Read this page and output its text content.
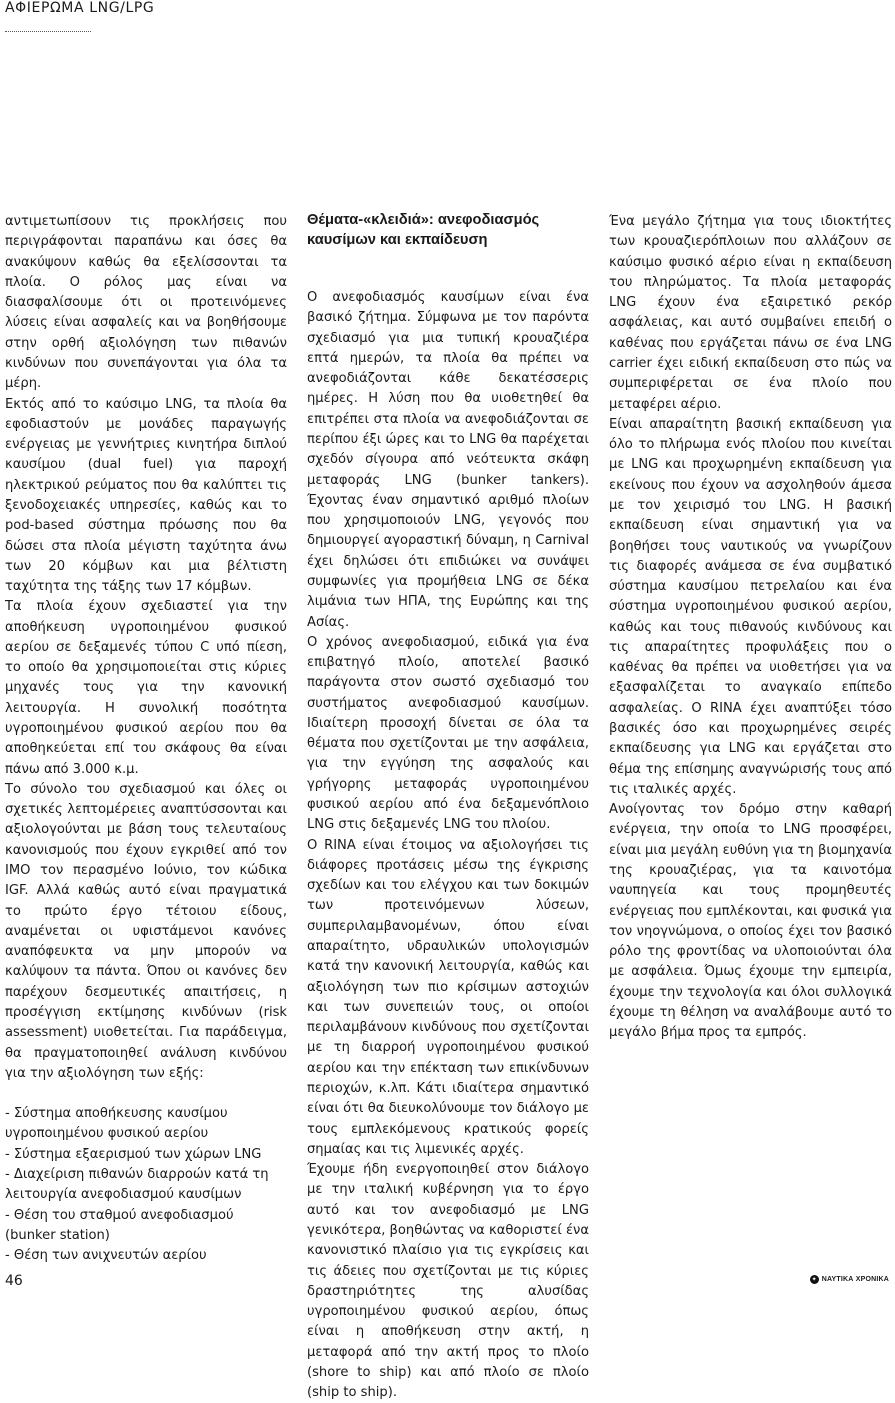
ΑΦΙΕΡΩΜΑ LNG/LPG

αντιμετωπίσουν τις προκλήσεις που περιγράφονται παραπάνω και όσες θα ανακύψουν καθώς θα εξελίσσονται τα πλοία. Ο ρόλος μας είναι να διασφαλίσουμε ότι οι προτεινόμενες λύσεις είναι ασφαλείς και να βοηθήσουμε στην ορθή αξιολόγηση των πιθανών κινδύνων που συνεπάγονται για όλα τα μέρη.

Εκτός από το καύσιμο LNG, τα πλοία θα εφοδιαστούν με μονάδες παραγωγής ενέργειας με γεννήτριες κινητήρα διπλού καυσίμου (dual fuel) για παροχή ηλεκτρικού ρεύματος που θα καλύπτει τις ξενοδοχειακές υπηρεσίες, καθώς και το pod-based σύστημα πρόωσης που θα δώσει στα πλοία μέγιστη ταχύτητα άνω των 20 κόμβων και μια βέλτιστη ταχύτητα της τάξης των 17 κόμβων.

Τα πλοία έχουν σχεδιαστεί για την αποθήκευση υγροποιημένου φυσικού αερίου σε δεξαμενές τύπου C υπό πίεση, το οποίο θα χρησιμοποιείται στις κύριες μηχανές τους για την κανονική λειτουργία. Η συνολική ποσότητα υγροποιημένου φυσικού αερίου που θα αποθηκεύεται επί του σκάφους θα είναι πάνω από 3.000 κ.μ.

Το σύνολο του σχεδιασμού και όλες οι σχετικές λεπτομέρειες αναπτύσσονται και αξιολογούνται με βάση τους τελευταίους κανονισμούς που έχουν εγκριθεί από τον IMO τον περασμένο Ιούνιο, τον κώδικα IGF. Αλλά καθώς αυτό είναι πραγματικά το πρώτο έργο τέτοιου είδους, αναμένεται οι υφιστάμενοι κανόνες αναπόφευκτα να μην μπορούν να καλύψουν τα πάντα. Όπου οι κανόνες δεν παρέχουν δεσμευτικές απαιτήσεις, η προσέγγιση εκτίμησης κινδύνων (risk assessment) υιοθετείται. Για παράδειγμα, θα πραγματοποιηθεί ανάλυση κινδύνου για την αξιολόγηση των εξής:

- Σύστημα αποθήκευσης καυσίμου υγροποιημένου φυσικού αερίου
- Σύστημα εξαερισμού των χώρων LNG
- Διαχείριση πιθανών διαρροών κατά τη λειτουργία ανεφοδιασμού καυσίμων
- Θέση του σταθμού ανεφοδιασμού (bunker station)
- Θέση των ανιχνευτών αερίου
Θέματα-«κλειδιά»: ανεφοδιασμός καυσίμων και εκπαίδευση

Ο ανεφοδιασμός καυσίμων είναι ένα βασικό ζήτημα. Σύμφωνα με τον παρόντα σχεδιασμό για μια τυπική κρουαζιέρα επτά ημερών, τα πλοία θα πρέπει να ανεφοδιάζονται κάθε δεκατέσσερις ημέρες. Η λύση που θα υιοθετηθεί θα επιτρέπει στα πλοία να ανεφοδιάζονται σε περίπου έξι ώρες και το LNG θα παρέχεται σχεδόν σίγουρα από νεότευκτα σκάφη μεταφοράς LNG (bunker tankers). Έχοντας έναν σημαντικό αριθμό πλοίων που χρησιμοποιούν LNG, γεγονός που δημιουργεί αγοραστική δύναμη, η Carnival έχει δηλώσει ότι επιδιώκει να συνάψει συμφωνίες για προμήθεια LNG σε δέκα λιμάνια των ΗΠΑ, της Ευρώπης και της Ασίας.

Ο χρόνος ανεφοδιασμού, ειδικά για ένα επιβατηγό πλοίο, αποτελεί βασικό παράγοντα στον σωστό σχεδιασμό του συστήματος ανεφοδιασμού καυσίμων. Ιδιαίτερη προσοχή δίνεται σε όλα τα θέματα που σχετίζονται με την ασφάλεια, για την εγγύηση της ασφαλούς και γρήγορης μεταφοράς υγροποιημένου φυσικού αερίου από ένα δεξαμενόπλοιο LNG στις δεξαμενές LNG του πλοίου.

Ο RINA είναι έτοιμος να αξιολογήσει τις διάφορες προτάσεις μέσω της έγκρισης σχεδίων και του ελέγχου και των δοκιμών των προτεινόμενων λύσεων, συμπεριλαμβανομένων, όπου είναι απαραίτητο, υδραυλικών υπολογισμών κατά την κανονική λειτουργία, καθώς και αξιολόγηση των πιο κρίσιμων αστοχιών και των συνεπειών τους, οι οποίοι περιλαμβάνουν κινδύνους που σχετίζονται με τη διαρροή υγροποιημένου φυσικού αερίου και την επέκταση των επικίνδυνων περιοχών, κ.λπ. Κάτι ιδιαίτερα σημαντικό είναι ότι θα διευκολύνουμε τον διάλογο με τους εμπλεκόμενους κρατικούς φορείς σημαίας και τις λιμενικές αρχές.

Έχουμε ήδη ενεργοποιηθεί στον διάλογο με την ιταλική κυβέρνηση για το έργο αυτό και τον ανεφοδιασμό με LNG γενικότερα, βοηθώντας να καθοριστεί ένα κανονιστικό πλαίσιο για τις εγκρίσεις και τις άδειες που σχετίζονται με τις κύριες δραστηριότητες της αλυσίδας υγροποιημένου φυσικού αερίου, όπως είναι η αποθήκευση στην ακτή, η μεταφορά από την ακτή προς το πλοίο (shore to ship) και από πλοίο σε πλοίο (ship to ship).

Ένα μεγάλο ζήτημα για τους ιδιοκτήτες των κρουαζιερόπλοιων που αλλάζουν σε καύσιμο φυσικό αέριο είναι η εκπαίδευση του πληρώματος. Τα πλοία μεταφοράς LNG έχουν ένα εξαιρετικό ρεκόρ ασφάλειας, και αυτό συμβαίνει επειδή ο καθένας που εργάζεται πάνω σε ένα LNG carrier έχει ειδική εκπαίδευση στο πώς να συμπεριφέρεται σε ένα πλοίο που μεταφέρει αέριο.

Είναι απαραίτητη βασική εκπαίδευση για όλο το πλήρωμα ενός πλοίου που κινείται με LNG και προχωρημένη εκπαίδευση για εκείνους που έχουν να ασχοληθούν άμεσα με τον χειρισμό του LNG. Η βασική εκπαίδευση είναι σημαντική για να βοηθήσει τους ναυτικούς να γνωρίζουν τις διαφορές ανάμεσα σε ένα συμβατικό σύστημα καυσίμου πετρελαίου και ένα σύστημα υγροποιημένου φυσικού αερίου, καθώς και τους πιθανούς κινδύνους και τις απαραίτητες προφυλάξεις που ο καθένας θα πρέπει να υιοθετήσει για να εξασφαλίζεται το αναγκαίο επίπεδο ασφαλείας. Ο RINA έχει αναπτύξει τόσο βασικές όσο και προχωρημένες σειρές εκπαίδευσης για LNG και εργάζεται στο θέμα της επίσημης αναγνώρισής τους από τις ιταλικές αρχές.

Ανοίγοντας τον δρόμο στην καθαρή ενέργεια, την οποία το LNG προσφέρει, είναι μια μεγάλη ευθύνη για τη βιομηχανία της κρουαζιέρας, για τα καινοτόμα ναυπηγεία και τους προμηθευτές ενέργειας που εμπλέκονται, και φυσικά για τον νηογνώμονα, ο οποίος έχει τον βασικό ρόλο της φροντίδας να υλοποιούνται όλα με ασφάλεια. Όμως έχουμε την εμπειρία, έχουμε την τεχνολογία και όλοι συλλογικά έχουμε τη θέληση να αναλάβουμε αυτό το μεγάλο βήμα προς τα εμπρός.

46	✦ ΝΑΥΤΙΚΑ ΧΡΟΝΙΚΑ
